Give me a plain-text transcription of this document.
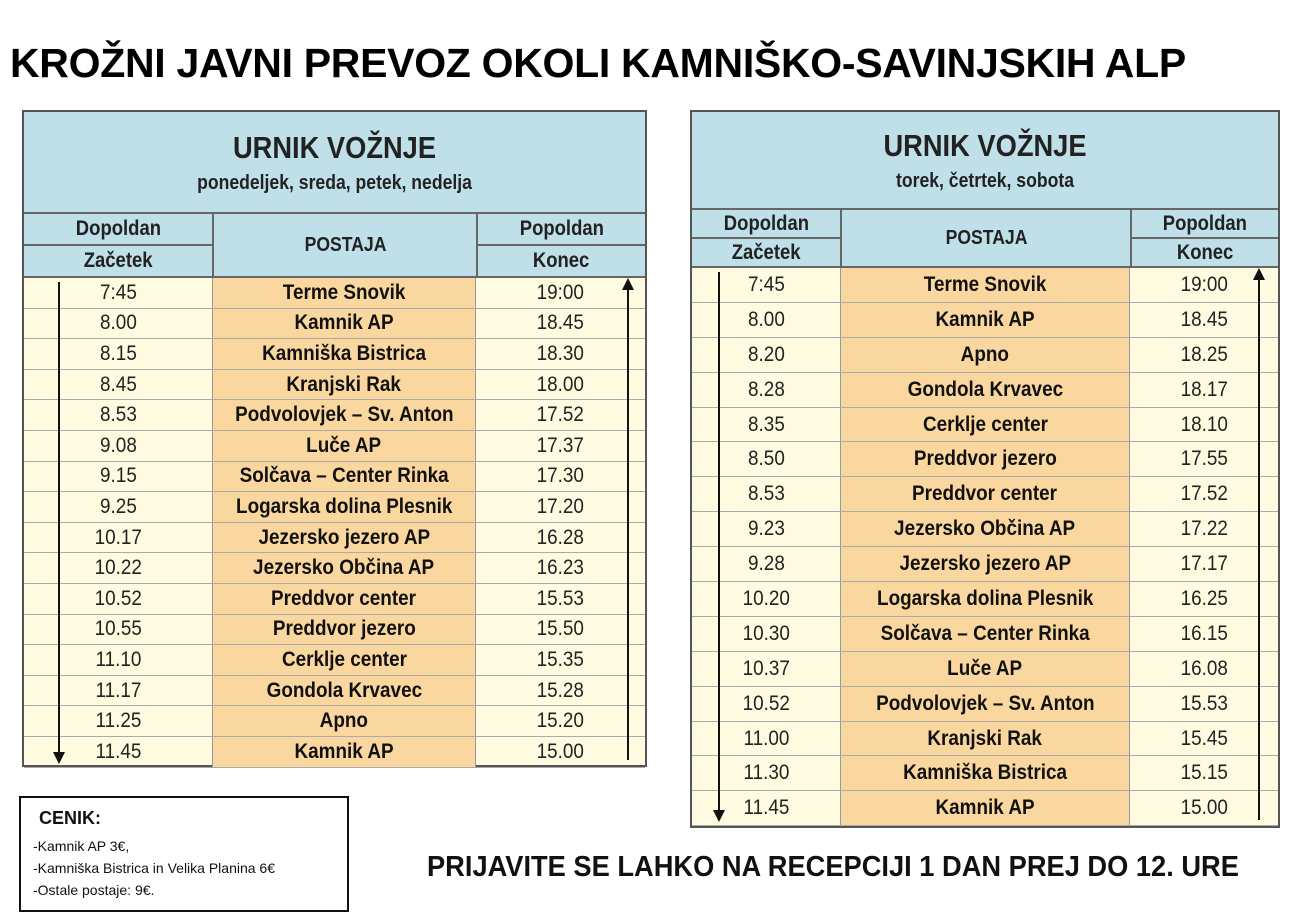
KROŽNI JAVNI PREVOZ OKOLI KAMNIŠKO-SAVINJSKIH ALP
URNIK VOŽNJE
ponedeljek, sreda, petek, nedelja
Dopoldan
Začetek
POSTAJA
Popoldan
Konec
7:45	Terme Snovik	19:00
8.00	Kamnik AP	18.45
8.15	Kamniška Bistrica	18.30
8.45	Kranjski Rak	18.00
8.53	Podvolovjek – Sv. Anton	17.52
9.08	Luče AP	17.37
9.15	Solčava – Center Rinka	17.30
9.25	Logarska dolina Plesnik	17.20
10.17	Jezersko jezero AP	16.28
10.22	Jezersko Občina AP	16.23
10.52	Preddvor center	15.53
10.55	Preddvor jezero	15.50
11.10	Cerklje center	15.35
11.17	Gondola Krvavec	15.28
11.25	Apno	15.20
11.45	Kamnik AP	15.00
URNIK VOŽNJE
torek, četrtek, sobota
Dopoldan
Začetek
POSTAJA
Popoldan
Konec
7:45	Terme Snovik	19:00
8.00	Kamnik AP	18.45
8.20	Apno	18.25
8.28	Gondola Krvavec	18.17
8.35	Cerklje center	18.10
8.50	Preddvor jezero	17.55
8.53	Preddvor center	17.52
9.23	Jezersko Občina AP	17.22
9.28	Jezersko jezero AP	17.17
10.20	Logarska dolina Plesnik	16.25
10.30	Solčava – Center Rinka	16.15
10.37	Luče AP	16.08
10.52	Podvolovjek – Sv. Anton	15.53
11.00	Kranjski Rak	15.45
11.30	Kamniška Bistrica	15.15
11.45	Kamnik AP	15.00
CENIK:
-Kamnik AP 3€,
-Kamniška Bistrica in Velika Planina 6€
-Ostale postaje: 9€.
PRIJAVITE SE LAHKO NA RECEPCIJI 1 DAN PREJ DO 12. URE
